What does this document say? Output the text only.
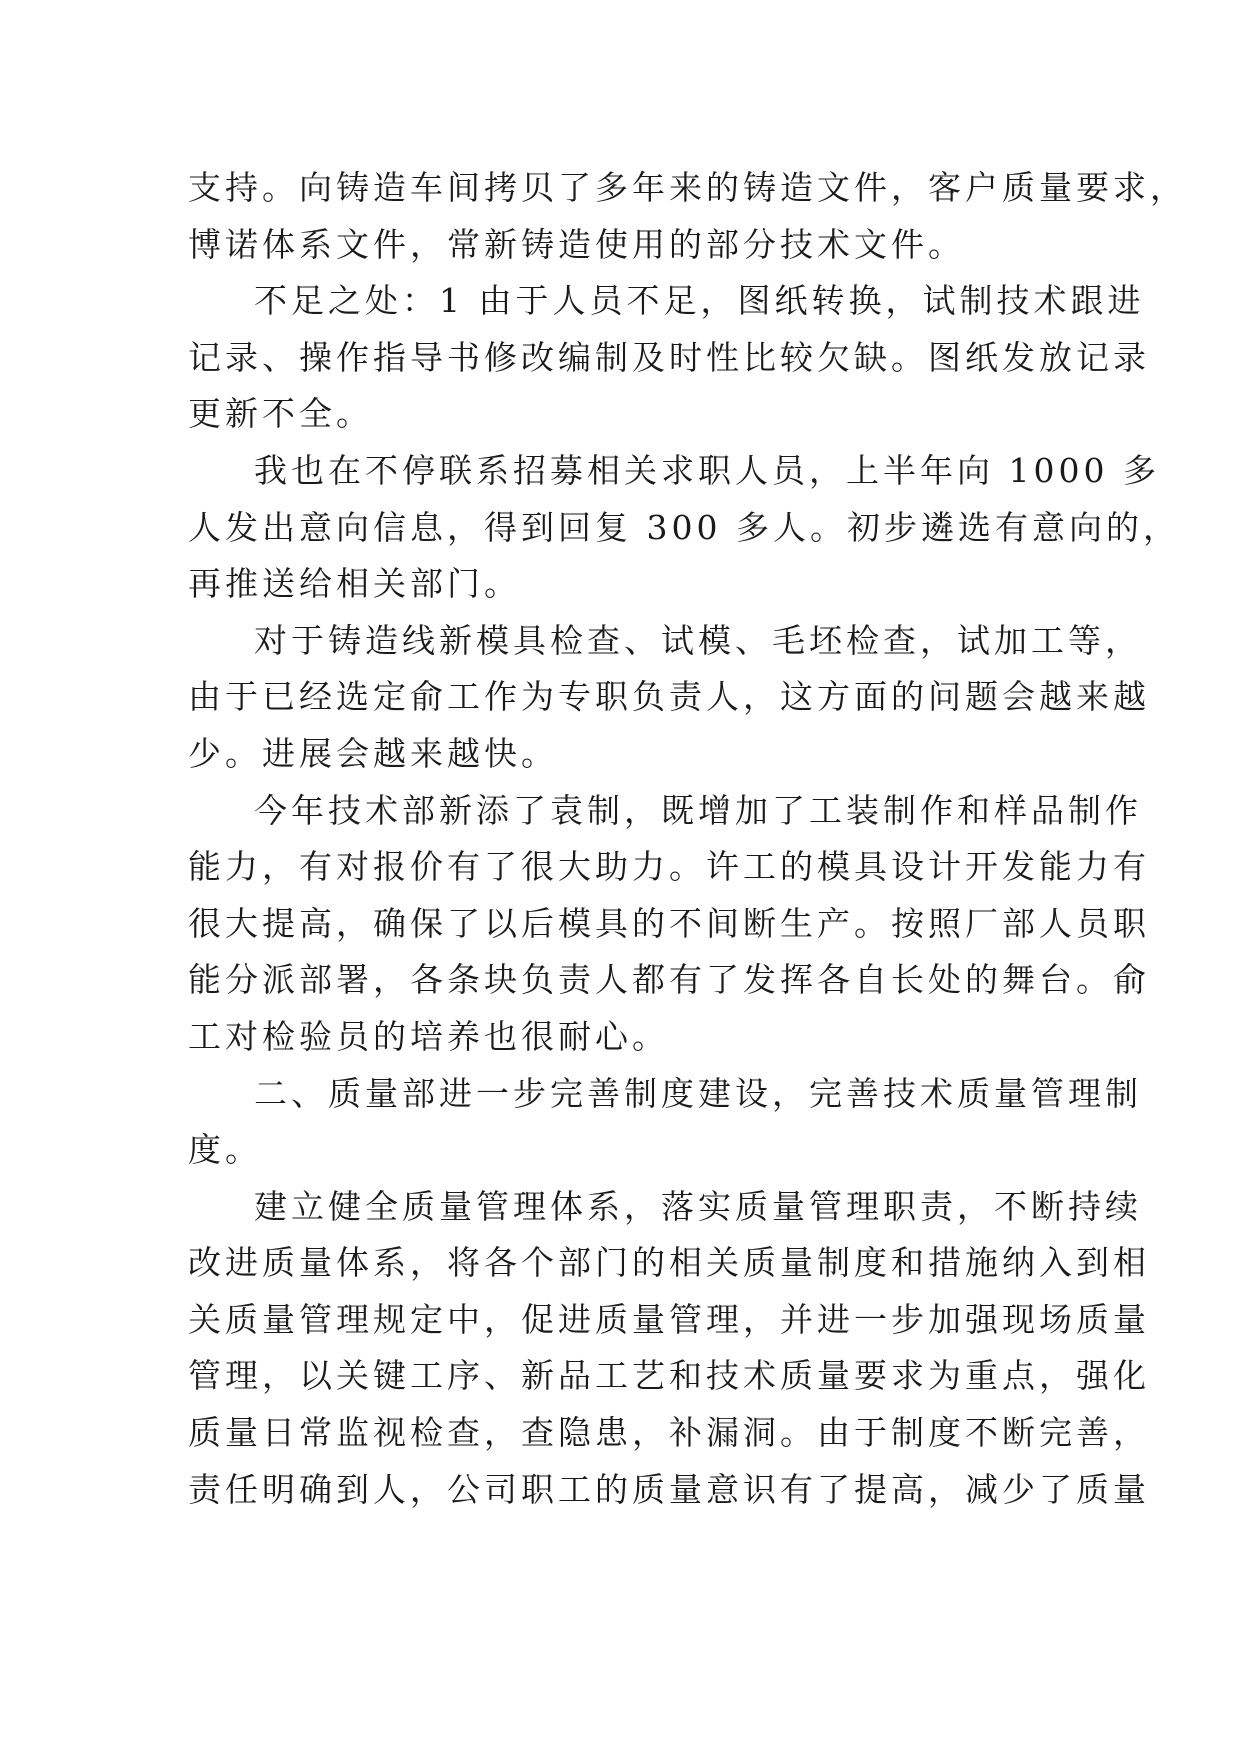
支持。向铸造车间拷贝了多年来的铸造文件，客户质量要求，
博诺体系文件，常新铸造使用的部分技术文件。
不足之处：1 由于人员不足，图纸转换，试制技术跟进
记录、操作指导书修改编制及时性比较欠缺。图纸发放记录
更新不全。
我也在不停联系招募相关求职人员，上半年向 1000 多
人发出意向信息，得到回复 300 多人。初步遴选有意向的，
再推送给相关部门。
对于铸造线新模具检查、试模、毛坯检查，试加工等，
由于已经选定俞工作为专职负责人，这方面的问题会越来越
少。进展会越来越快。
今年技术部新添了袁制，既增加了工装制作和样品制作
能力，有对报价有了很大助力。许工的模具设计开发能力有
很大提高，确保了以后模具的不间断生产。按照厂部人员职
能分派部署，各条块负责人都有了发挥各自长处的舞台。俞
工对检验员的培养也很耐心。
二、质量部进一步完善制度建设，完善技术质量管理制
度。
建立健全质量管理体系，落实质量管理职责，不断持续
改进质量体系，将各个部门的相关质量制度和措施纳入到相
关质量管理规定中，促进质量管理，并进一步加强现场质量
管理，以关键工序、新品工艺和技术质量要求为重点，强化
质量日常监视检查，查隐患，补漏洞。由于制度不断完善，
责任明确到人，公司职工的质量意识有了提高，减少了质量
